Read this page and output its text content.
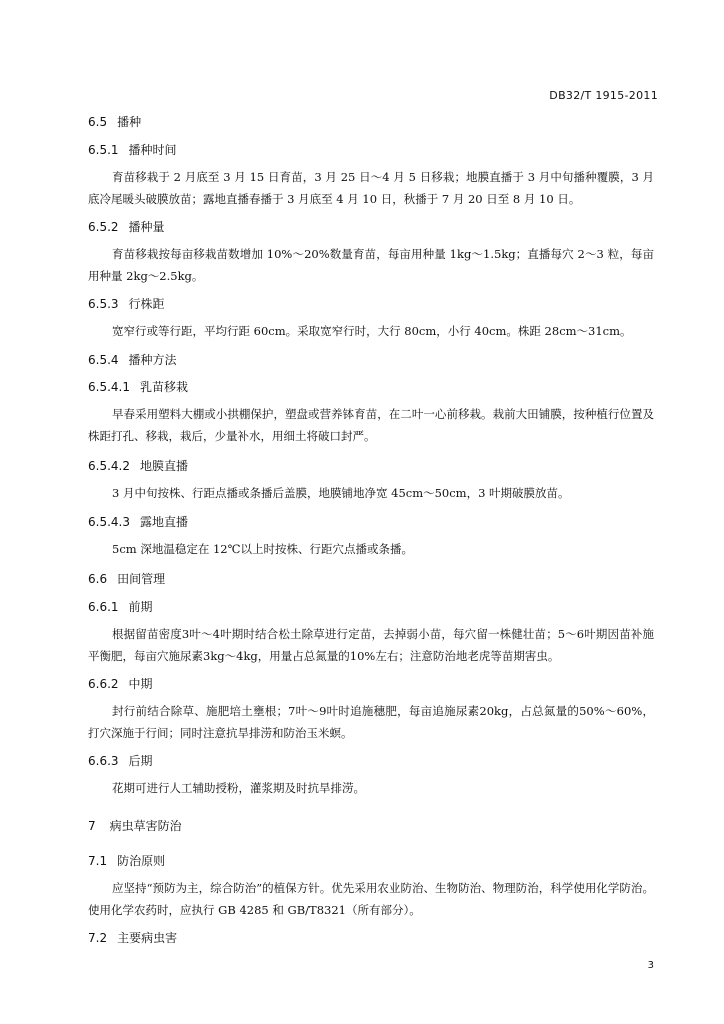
DB32/T 1915-2011
6.5 播种
6.5.1 播种时间
育苗移栽于 2 月底至 3 月 15 日育苗，3 月 25 日～4 月 5 日移栽；地膜直播于 3 月中旬播种覆膜，3 月底冷尾暖头破膜放苗；露地直播春播于 3 月底至 4 月 10 日，秋播于 7 月 20 日至 8 月 10 日。
6.5.2 播种量
育苗移栽按每亩移栽苗数增加 10%～20%数量育苗，每亩用种量 1kg～1.5kg；直播每穴 2～3 粒，每亩用种量 2kg～2.5kg。
6.5.3 行株距
宽窄行或等行距，平均行距 60cm。采取宽窄行时，大行 80cm，小行 40cm。株距 28cm～31cm。
6.5.4 播种方法
6.5.4.1 乳苗移栽
早春采用塑料大棚或小拱棚保护，塑盘或营养钵育苗，在二叶一心前移栽。栽前大田铺膜，按种植行位置及株距打孔、移栽，栽后，少量补水，用细土将破口封严。
6.5.4.2 地膜直播
3 月中旬按株、行距点播或条播后盖膜，地膜铺地净宽 45cm～50cm，3 叶期破膜放苗。
6.5.4.3 露地直播
5cm 深地温稳定在 12℃以上时按株、行距穴点播或条播。
6.6 田间管理
6.6.1 前期
根据留苗密度3叶～4叶期时结合松土除草进行定苗，去掉弱小苗，每穴留一株健壮苗；5～6叶期因苗补施平衡肥，每亩穴施尿素3kg～4kg，用量占总氮量的10%左右；注意防治地老虎等苗期害虫。
6.6.2 中期
封行前结合除草、施肥培土壅根；7叶～9叶时追施穗肥，每亩追施尿素20kg，占总氮量的50%～60%，打穴深施于行间；同时注意抗旱排涝和防治玉米螟。
6.6.3 后期
花期可进行人工辅助授粉，灌浆期及时抗旱排涝。
7 病虫草害防治
7.1 防治原则
应坚持“预防为主，综合防治”的植保方针。优先采用农业防治、生物防治、物理防治，科学使用化学防治。使用化学农药时，应执行 GB 4285 和 GB/T8321（所有部分）。
7.2 主要病虫害
3
